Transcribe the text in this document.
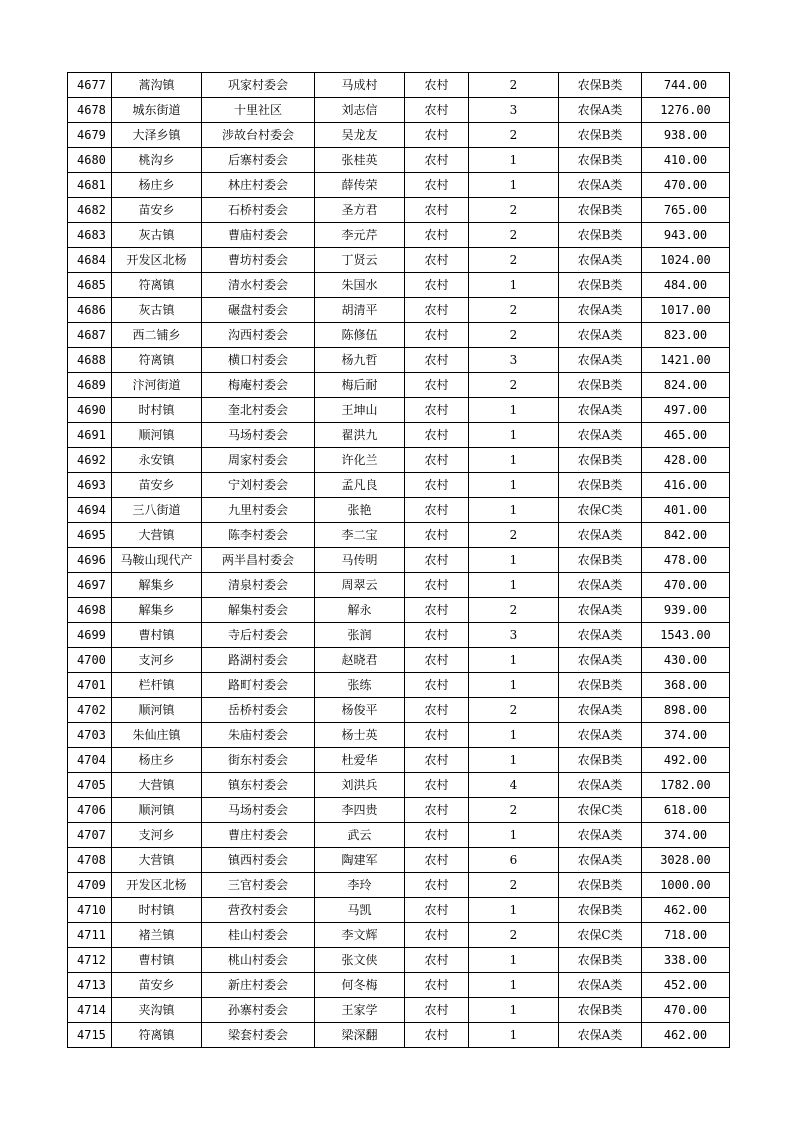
4677	蒿沟镇	巩家村委会	马成村	农村	2	农保B类	744.00
4678	城东街道	十里社区	刘志信	农村	3	农保A类	1276.00
4679	大泽乡镇	涉故台村委会	吴龙友	农村	2	农保B类	938.00
4680	桃沟乡	后寨村委会	张桂英	农村	1	农保B类	410.00
4681	杨庄乡	林庄村委会	薛传荣	农村	1	农保A类	470.00
4682	苗安乡	石桥村委会	圣方君	农村	2	农保B类	765.00
4683	灰古镇	曹庙村委会	李元芹	农村	2	农保B类	943.00
4684	开发区北杨	曹坊村委会	丁贤云	农村	2	农保A类	1024.00
4685	符离镇	清水村委会	朱国水	农村	1	农保B类	484.00
4686	灰古镇	碾盘村委会	胡清平	农村	2	农保A类	1017.00
4687	西二铺乡	沟西村委会	陈修伍	农村	2	农保A类	823.00
4688	符离镇	横口村委会	杨九哲	农村	3	农保A类	1421.00
4689	汴河街道	梅庵村委会	梅后耐	农村	2	农保B类	824.00
4690	时村镇	奎北村委会	王坤山	农村	1	农保A类	497.00
4691	顺河镇	马场村委会	翟洪九	农村	1	农保A类	465.00
4692	永安镇	周家村委会	许化兰	农村	1	农保B类	428.00
4693	苗安乡	宁刘村委会	孟凡良	农村	1	农保B类	416.00
4694	三八街道	九里村委会	张艳	农村	1	农保C类	401.00
4695	大营镇	陈李村委会	李二宝	农村	2	农保A类	842.00
4696	马鞍山现代产	两半昌村委会	马传明	农村	1	农保B类	478.00
4697	解集乡	清泉村委会	周翠云	农村	1	农保A类	470.00
4698	解集乡	解集村委会	解永	农村	2	农保A类	939.00
4699	曹村镇	寺后村委会	张润	农村	3	农保A类	1543.00
4700	支河乡	路湖村委会	赵晓君	农村	1	农保A类	430.00
4701	栏杆镇	路町村委会	张练	农村	1	农保B类	368.00
4702	顺河镇	岳桥村委会	杨俊平	农村	2	农保A类	898.00
4703	朱仙庄镇	朱庙村委会	杨士英	农村	1	农保A类	374.00
4704	杨庄乡	街东村委会	杜爱华	农村	1	农保B类	492.00
4705	大营镇	镇东村委会	刘洪兵	农村	4	农保A类	1782.00
4706	顺河镇	马场村委会	李四贵	农村	2	农保C类	618.00
4707	支河乡	曹庄村委会	武云	农村	1	农保A类	374.00
4708	大营镇	镇西村委会	陶建军	农村	6	农保A类	3028.00
4709	开发区北杨	三官村委会	李玲	农村	2	农保B类	1000.00
4710	时村镇	营孜村委会	马凯	农村	1	农保B类	462.00
4711	褚兰镇	桂山村委会	李文辉	农村	2	农保C类	718.00
4712	曹村镇	桃山村委会	张文侠	农村	1	农保B类	338.00
4713	苗安乡	新庄村委会	何冬梅	农村	1	农保A类	452.00
4714	夹沟镇	孙寨村委会	王家学	农村	1	农保B类	470.00
4715	符离镇	梁套村委会	梁深翻	农村	1	农保A类	462.00
